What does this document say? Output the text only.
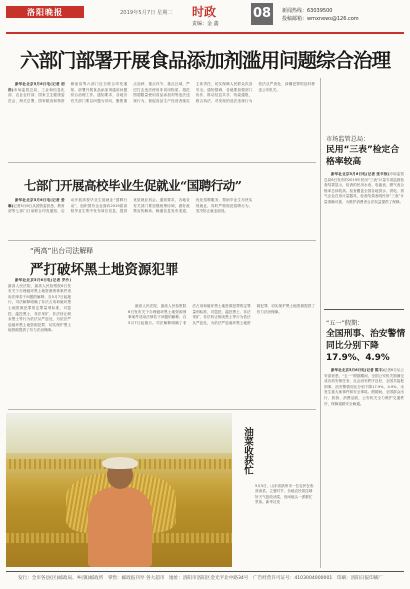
洛阳晚报	2019年5月7日 星期二 时政
责编：金 鑫
08	新闻热线：63039500
投稿邮箱：wmxnews@126.com
六部门部署开展食品添加剂滥用问题综合治理

新华社北京5月6日电(记者 胡浩)市场监管总局、工业和信息化部、农业农村部、国家卫生健康委员会、海关总署、国家粮食和物资储备局等六部门近日联合印发通知，部署开展食品添加剂滥用问题综合治理工作。通知要求，各地各有关部门要以问题为导向，聚焦重点品种、重点环节、重点区域，严厉打击违法使用非食用物质、超范围超限量使用食品添加剂等违法违规行为，督促食品生产经营者落实主体责任，切实保障人民群众饮食安全。通知强调，各地要加强部门协作，推动信息共享、线索通报、联合执法，对发现的违法违规行为依法从严查处，涉嫌犯罪的及时移送公安机关。

七部门开展高校毕业生促就业“国聘行动”

新华社北京5月6日电(记者 姜琳)记者5月6日从国资委获悉，教育部等七部门日前联合印发通知，启动开展高校毕业生促就业“国聘行动”，组织国有企业面向2019届高校毕业生集中发布岗位信息，提供优质就业机会。通知要求，各地各有关部门要加强统筹协调，做好政策宣传解读，畅通信息发布渠道，优化招聘服务，帮助毕业生尽快实现就业，同时严格规范招聘行为，坚决防止就业歧视。

“两高”出台司法解释
严打破坏黑土地资源犯罪

新华社北京5月6日电(记者 罗沙)最高人民法院、最高人民检察院6日发布关于办理破坏黑土地资源刑事案件适用法律若干问题的解释，自5月7日起施行。司法解释明确了非法占用和破坏黑土地资源犯罪的定罪量刑标准，对盗挖、滥挖黑土，非法采矿、非法转让倒卖黑土等行为依法从严惩处，为依法严惩破坏黑土地资源犯罪、切实保护黑土地资源提供了有力法治保障。

最高人民法院、最高人民检察院6日发布关于办理破坏黑土地资源刑事案件适用法律若干问题的解释，自5月7日起施行。司法解释明确了非法占用和破坏黑土地资源犯罪的定罪量刑标准，对盗挖、滥挖黑土，非法采矿、非法转让倒卖黑土等行为依法从严惩处，为依法严惩破坏黑土地资源犯罪、切实保护黑土地资源提供了有力法治保障。

油菜收获忙
5月5日，山东省滨州市一位农民在收获油菜。立夏时节，各地农民抓住晴好天气抢收油菜，田间地头一派繁忙景象。新华社发
市场监管总局：
民用“三表”检定合格率较高

新华社北京5月6日电(记者 张辛欣)市场监管总局6日发布的2019年民用“三表”计量专项监督检查结果显示，检查的民用水表、电能表、燃气表合格率总体较高。检查覆盖全国各地供水、供电、供气企业在用计量器具，检查结果表明民用“三表”计量准确可靠，为维护消费者合法权益提供了保障。

“五一”假期：
全国刑事、治安警情同比分别下降17.9%、4.9%

新华社北京5月6日电(记者 熊丰)记者6日从公安部获悉，“五一”假期期间，全国公安机关圆满完成各项安保任务，社会治安秩序良好，全国共接报刑事、治安警情同比分别下降17.9%、4.9%，未发生重大案事件和安全事故。假期间，全国群众出行、旅游、消费活跃，公安机关全力维护交通秩序，保障道路安全畅通。

发行：全市各县(区)邮政局、乡(镇)邮政所　零售：邮政报刊亭 各大超市　地址：洛阳市洛阳区金光平北中路34号　广告经营许可证号：4103004000001　印刷：洛阳日报印刷厂
